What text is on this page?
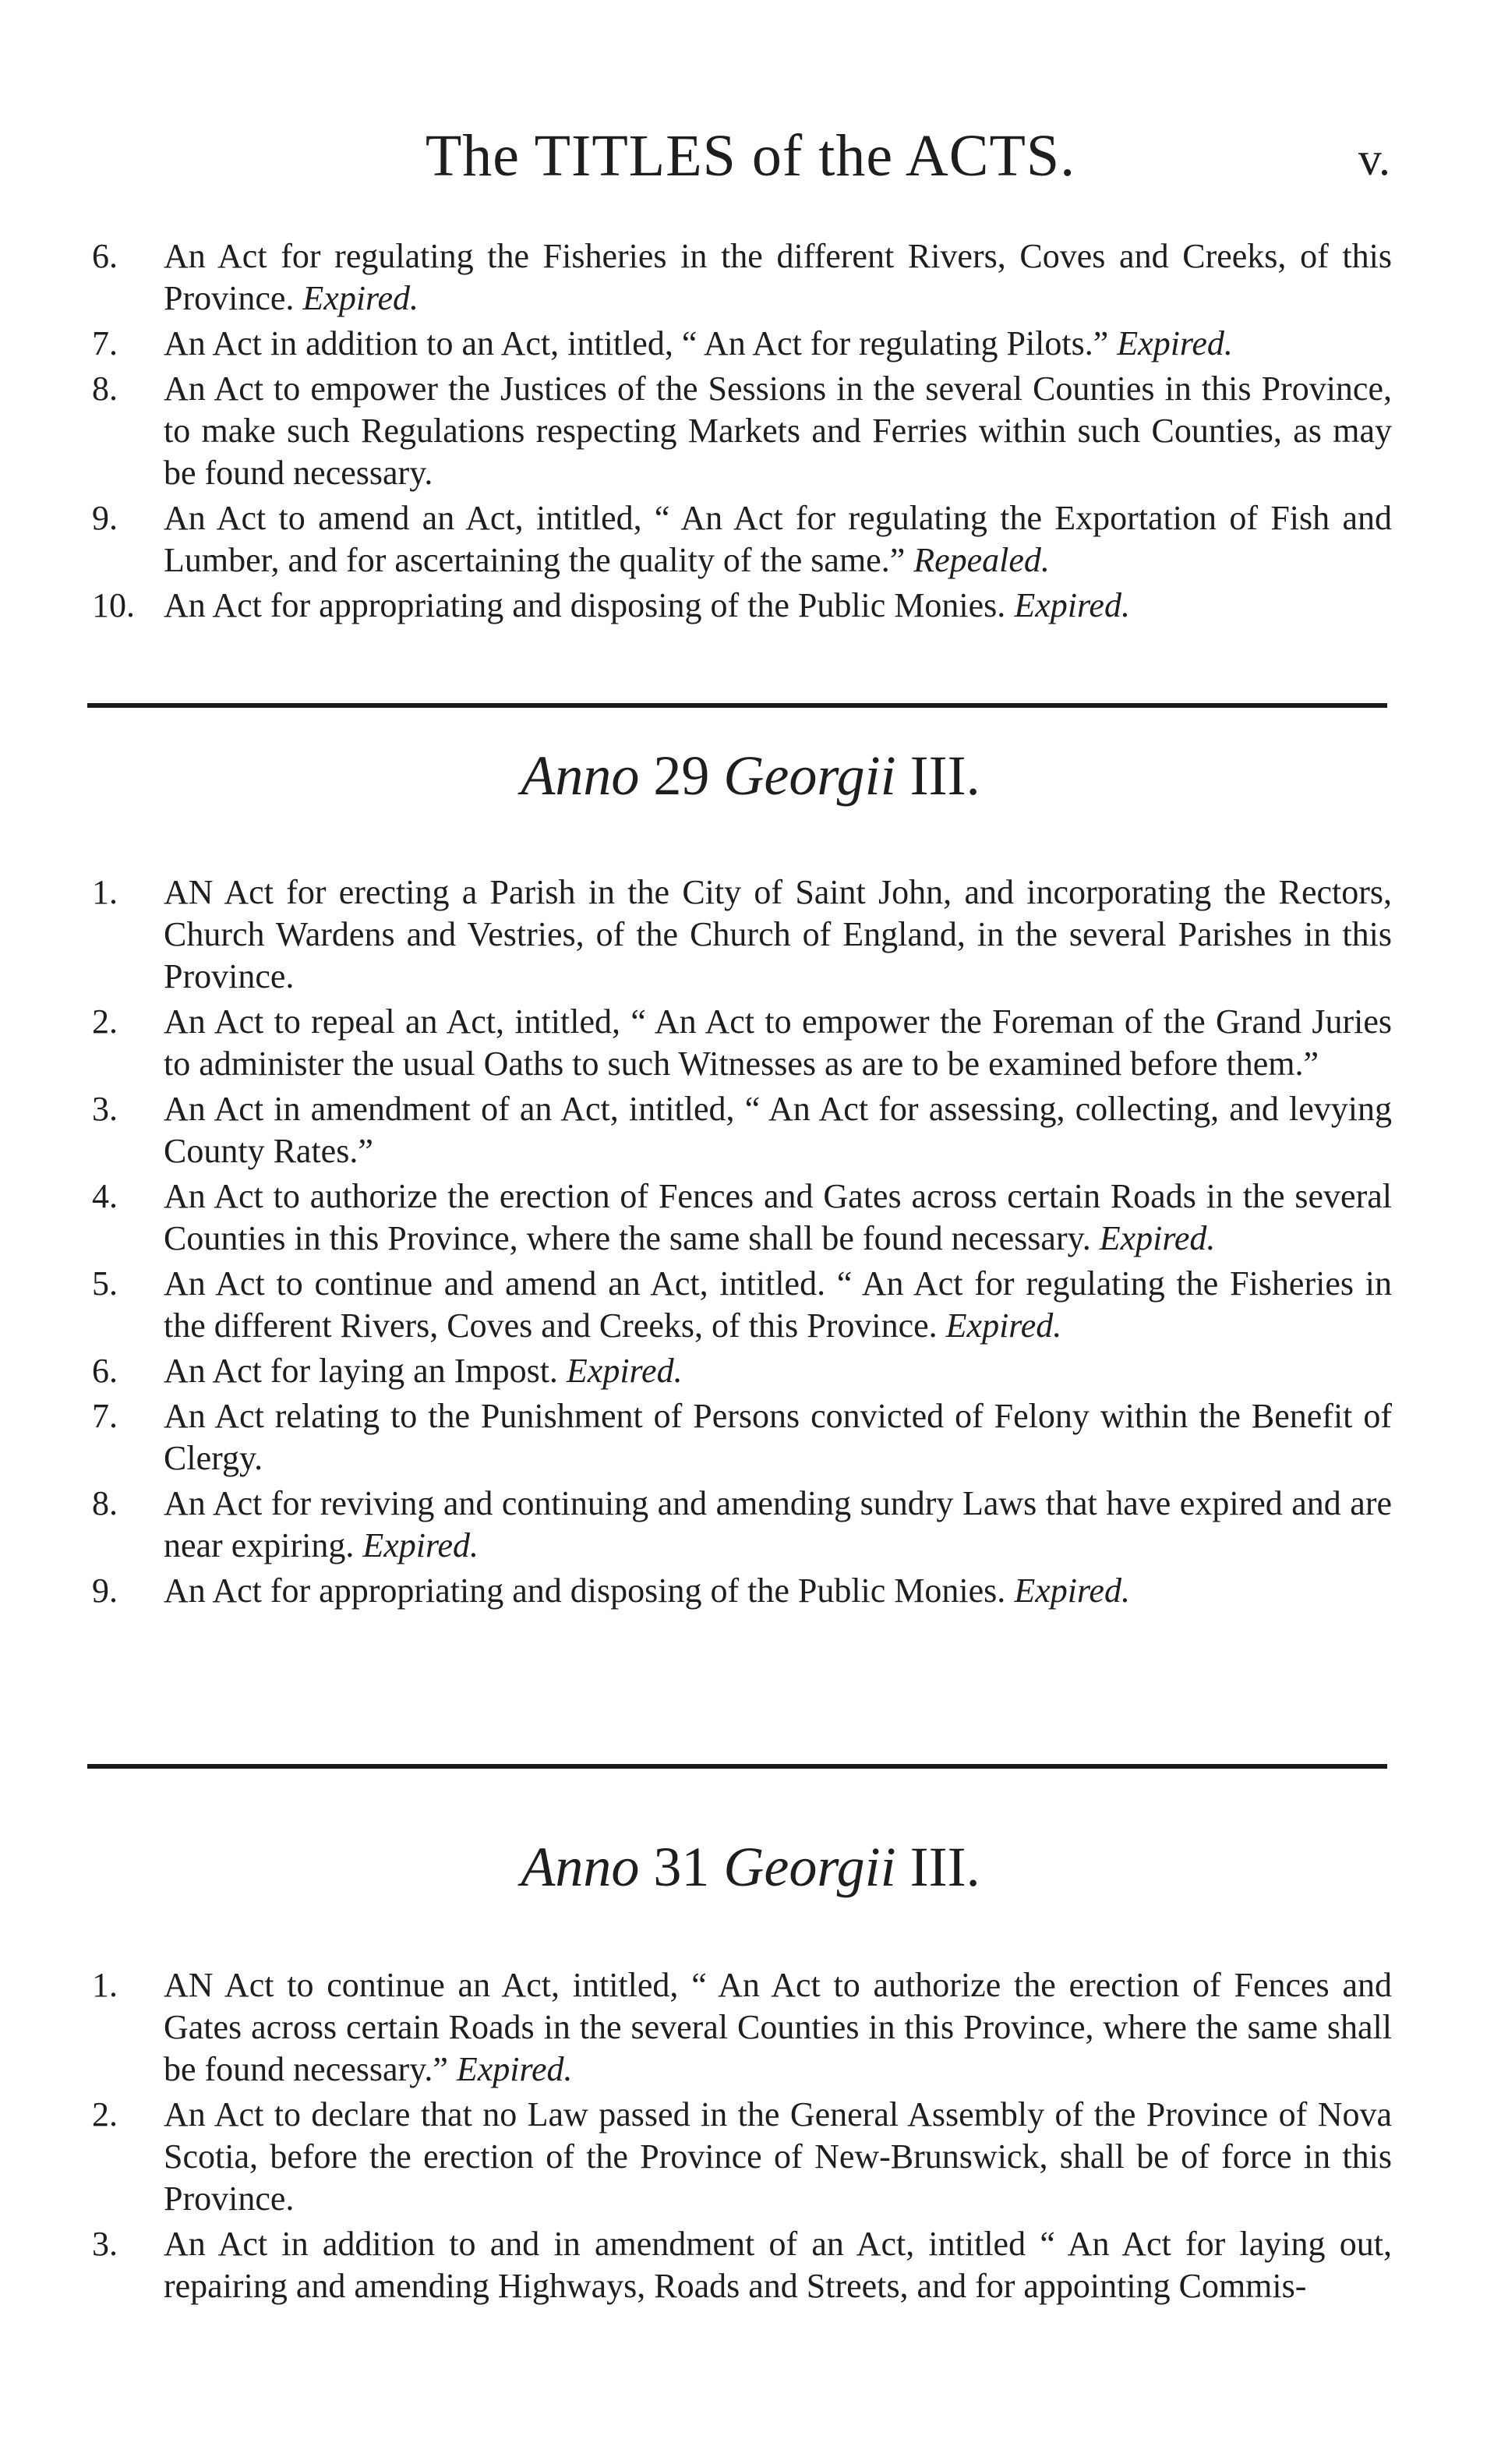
The TITLES of the ACTS.	v.
6.	An Act for regulating the Fisheries in the different Rivers, Coves and Creeks, of this Province. Expired.
7.	An Act in addition to an Act, intitled, “ An Act for regulating Pilots.” Expired.
8.	An Act to empower the Justices of the Sessions in the several Counties in this Province, to make such Regulations respecting Markets and Ferries within such Counties, as may be found necessary.
9.	An Act to amend an Act, intitled, “ An Act for regulating the Exportation of Fish and Lumber, and for ascertaining the quality of the same.” Repealed.
10. An Act for appropriating and disposing of the Public Monies. Expired.
Anno 29 Georgii III.
1.	AN Act for erecting a Parish in the City of Saint John, and incorporating the Rectors, Church Wardens and Vestries, of the Church of England, in the several Parishes in this Province.
2.	An Act to repeal an Act, intitled, “ An Act to empower the Foreman of the Grand Juries to administer the usual Oaths to such Witnesses as are to be examined before them.”
3.	An Act in amendment of an Act, intitled, “ An Act for assessing, collecting, and levying County Rates.”
4.	An Act to authorize the erection of Fences and Gates across certain Roads in the several Counties in this Province, where the same shall be found necessary. Expired.
5.	An Act to continue and amend an Act, intitled. “ An Act for regulating the Fisheries in the different Rivers, Coves and Creeks, of this Province. Expired.
6.	An Act for laying an Impost. Expired.
7.	An Act relating to the Punishment of Persons convicted of Felony within the Benefit of Clergy.
8.	An Act for reviving and continuing and amending sundry Laws that have expired and are near expiring. Expired.
9.	An Act for appropriating and disposing of the Public Monies. Expired.
Anno 31 Georgii III.
1.	AN Act to continue an Act, intitled, “ An Act to authorize the erection of Fences and Gates across certain Roads in the several Counties in this Province, where the same shall be found necessary.” Expired.
2.	An Act to declare that no Law passed in the General Assembly of the Province of Nova Scotia, before the erection of the Province of New-Brunswick, shall be of force in this Province.
3.	An Act in addition to and in amendment of an Act, intitled “ An Act for laying out, repairing and amending Highways, Roads and Streets, and for appointing Commis-
